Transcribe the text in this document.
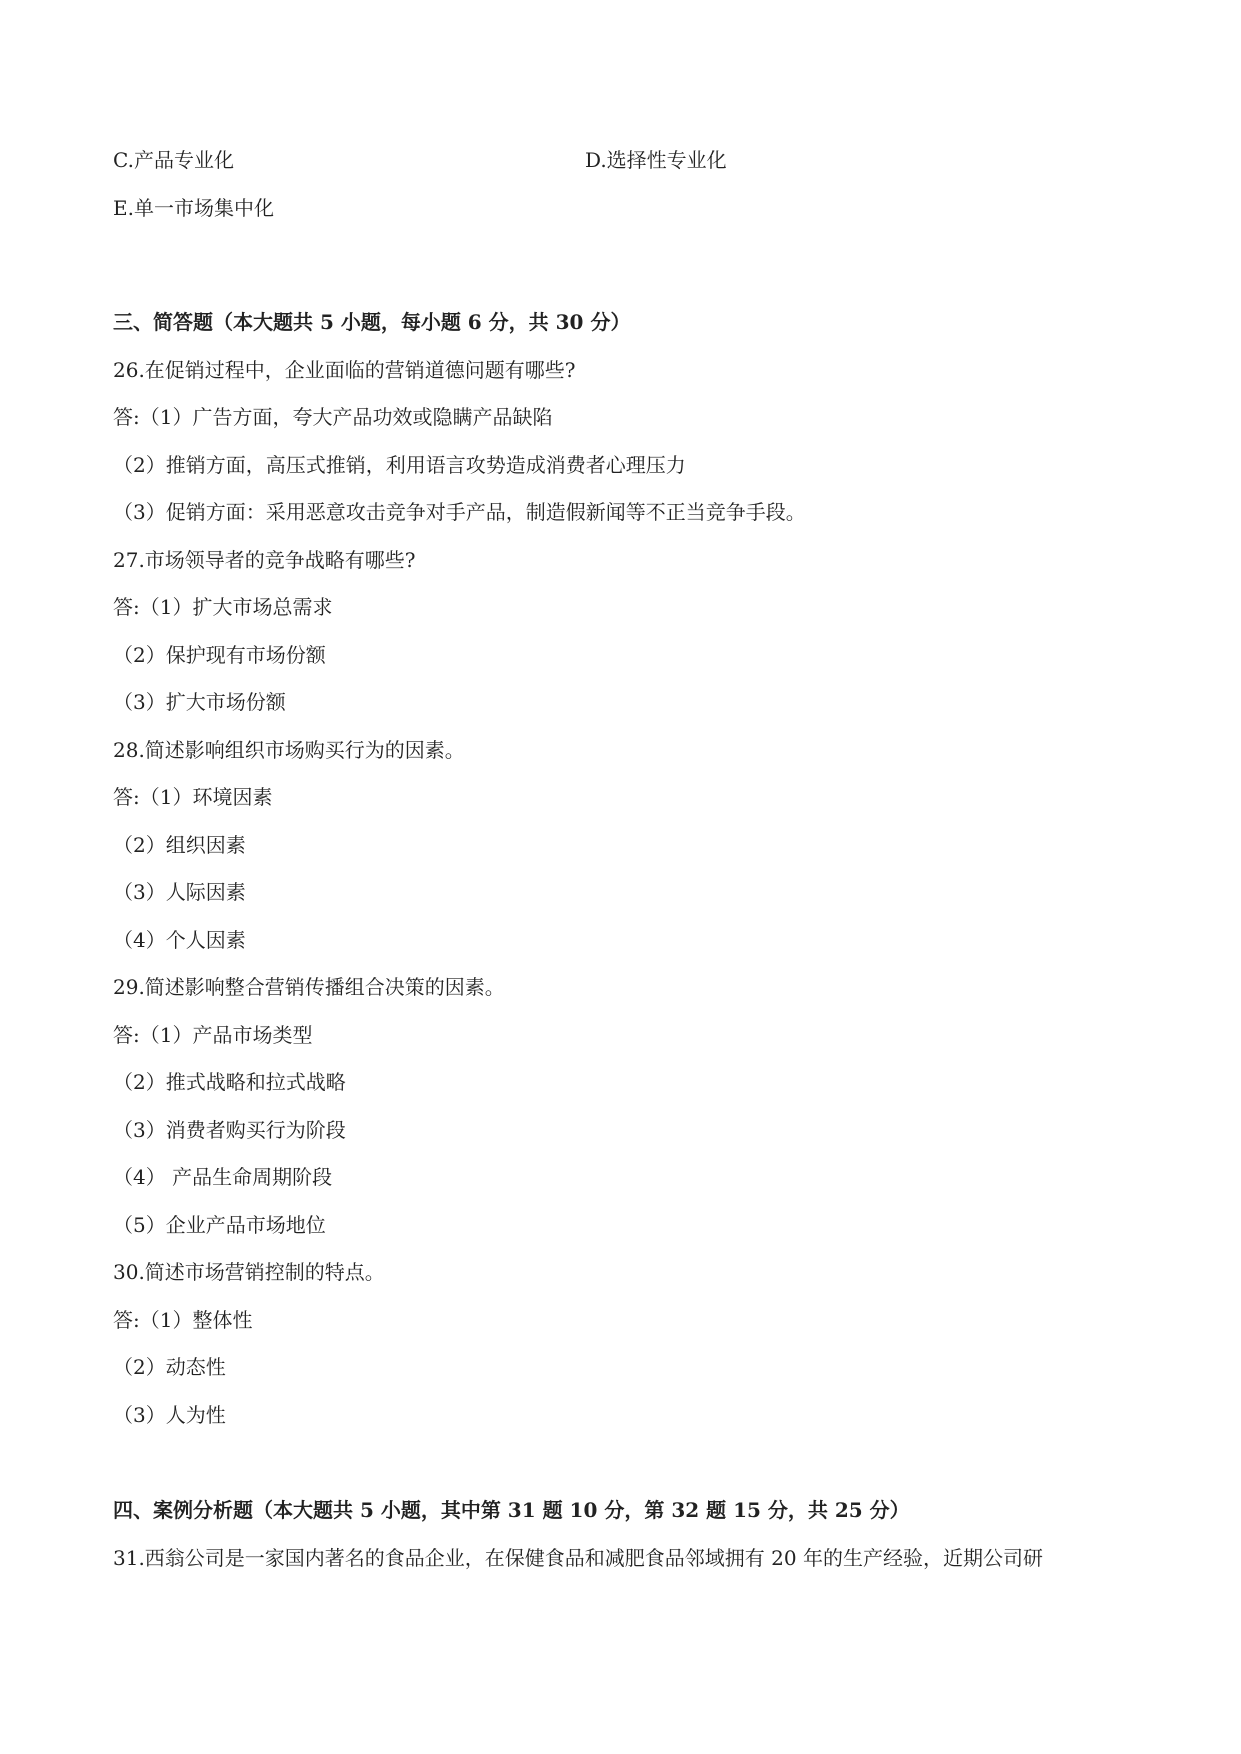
C.产品专业化	D.选择性专业化
E.单一市场集中化
三、简答题（本大题共 5 小题，每小题 6 分，共 30 分）
26.在促销过程中，企业面临的营销道德问题有哪些?
答:（1）广告方面，夸大产品功效或隐瞒产品缺陷
（2）推销方面，高压式推销，利用语言攻势造成消费者心理压力
（3）促销方面：采用恶意攻击竞争对手产品，制造假新闻等不正当竞争手段。
27.市场领导者的竞争战略有哪些?
答:（1）扩大市场总需求
（2）保护现有市场份额
（3）扩大市场份额
28.简述影响组织市场购买行为的因素。
答:（1）环境因素
（2）组织因素
（3）人际因素
（4）个人因素
29.简述影响整合营销传播组合决策的因素。
答:（1）产品市场类型
（2）推式战略和拉式战略
（3）消费者购买行为阶段
（4） 产品生命周期阶段
（5）企业产品市场地位
30.简述市场营销控制的特点。
答:（1）整体性
（2）动态性
（3）人为性
四、案例分析题（本大题共 5 小题，其中第 31 题 10 分，第 32 题 15 分，共 25 分）
31.西翁公司是一家国内著名的食品企业，在保健食品和减肥食品邻域拥有 20 年的生产经验，近期公司研
